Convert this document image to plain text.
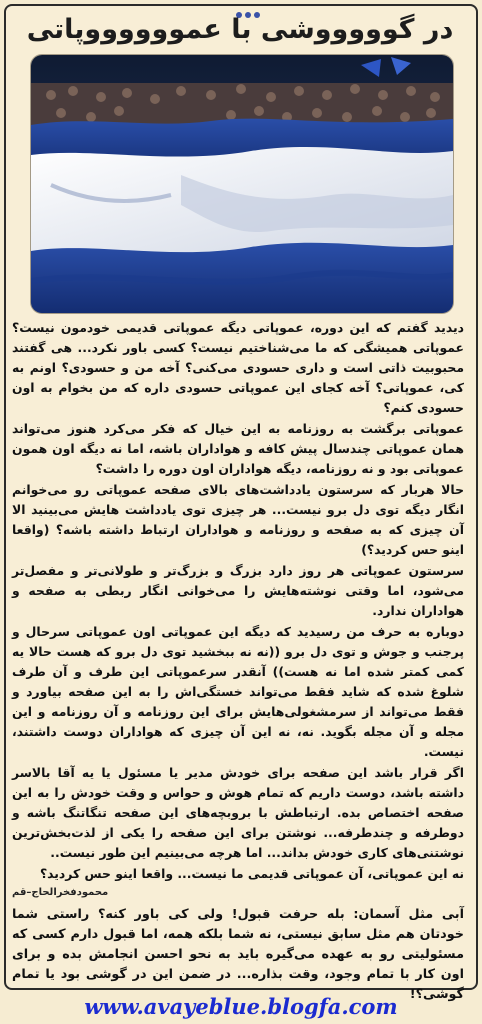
در گوووووشی با عمووووووپاتی

دیدید گفتم که این دوره، عموپاتی دیگه عموپاتی قدیمی خودمون نیست؟ عموپاتی همیشگی که ما می‌شناختیم نیست؟ کسی باور نکرد... هی گفتند محبوبیت ذاتی است و داری حسودی می‌کنی؟ آخه من و حسودی؟ اونم به کی، عموپاتی؟ آخه کجای این عموپاتی حسودی داره که من بخوام به اون حسودی کنم؟

عموپاتی برگشت به روزنامه به این خیال که فکر می‌کرد هنوز می‌تواند همان عموپاتی چندسال پیش کافه و هواداران باشه، اما نه دیگه اون همون عموپاتی بود و نه روزنامه، دیگه هواداران اون دوره را داشت؟

حالا هربار که سرستون یادداشت‌های بالای صفحه عموپاتی رو می‌خوانم انگار دیگه توی دل برو نیست... هر چیزی توی یادداشت هایش می‌بینید الا آن چیزی که به صفحه و روزنامه و هواداران ارتباط داشته باشه؟ (واقعا اینو حس کردید؟)

سرستون عموپاتی هر روز دارد بزرگ و بزرگ‌تر و طولانی‌تر و مفصل‌تر می‌شود، اما وقتی نوشته‌هایش را می‌خوانی انگار ربطی به صفحه و هواداران ندارد.

دوباره به حرف من رسیدید که دیگه این عموپاتی اون عموپاتی سرحال و پرجنب و جوش و توی دل برو ((نه نه ببخشید توی دل برو که هست حالا یه کمی کمتر شده اما نه هست)) آنقدر سرعموپاتی این طرف و آن طرف شلوغ شده که شاید فقط می‌تواند خستگی‌اش را به این صفحه بیاورد و فقط می‌تواند از سرمشغولی‌هایش برای این روزنامه و آن روزنامه و این مجله و آن مجله بگوید. نه، نه این آن چیزی که هواداران دوست داشتند، نیست.

اگر قرار باشد این صفحه برای خودش مدیر یا مسئول یا یه آقا بالاسر داشته باشد، دوست داریم که تمام هوش و حواس و وقت خودش را به این صفحه اختصاص بده. ارتباطش با بروبچه‌های این صفحه تنگاتنگ باشه و دوطرفه و چندطرفه... نوشتن برای این صفحه را یکی از لذت‌بخش‌ترین نوشتنی‌های کاری خودش بداند... اما هرچه می‌بینیم این طور نیست..

نه این عموپاتی، آن عموپاتی قدیمی ما نیست... واقعا اینو حس کردید؟

محمودفخرالحاج–قم
آبی مثل آسمان: بله حرفت قبول! ولی کی باور کنه؟ راستی شما خودتان هم مثل سابق نیستی، نه شما بلکه همه، اما قبول دارم کسی که مسئولیتی رو به عهده می‌گیره باید به نحو احسن انجامش بده و برای اون کار با تمام وجود، وقت بذاره... در ضمن این در گوشی بود یا تمام گوشی؟!
www.avayeblue.blogfa.com
